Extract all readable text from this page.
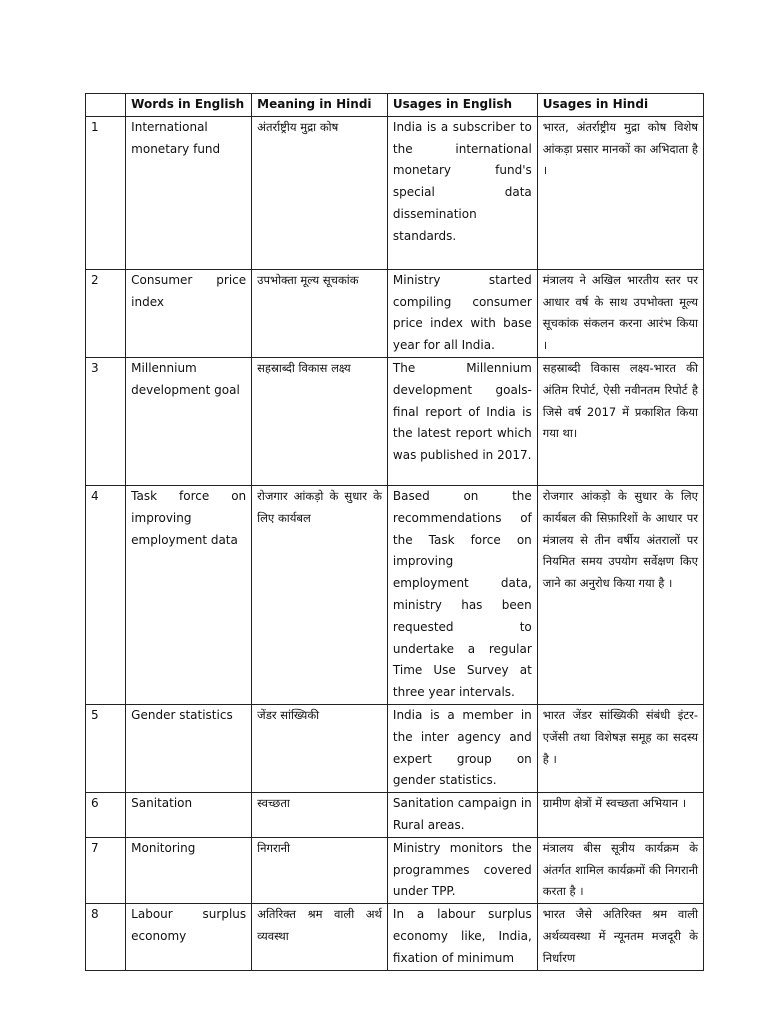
	Words in English	Meaning in Hindi	Usages in English	Usages in Hindi
1	International monetary fund	अंतर्राष्ट्रीय मुद्रा कोष	India is a subscriber to the international monetary fund's special data dissemination standards.	भारत, अंतर्राष्ट्रीय मुद्रा कोष विशेष आंकड़ा प्रसार मानकों का अभिदाता है ।
2	Consumer price index	उपभोक्ता मूल्य सूचकांक	Ministry started compiling consumer price index with base year for all India.	मंत्रालय ने अखिल भारतीय स्तर पर आधार वर्ष के साथ उपभोक्ता मूल्य सूचकांक संकलन करना आरंभ किया ।
3	Millennium development goal	सहस्राब्दी विकास लक्ष्य	The Millennium development goals-final report of India is the latest report which was published in 2017.	सहस्राब्दी विकास लक्ष्य-भारत की अंतिम रिपोर्ट, ऐसी नवीनतम रिपोर्ट है जिसे वर्ष 2017 में प्रकाशित किया गया था।
4	Task force on improving employment data	रोजगार आंकड़ो के सुधार के लिए कार्यबल	Based on the recommendations of the Task force on improving employment data, ministry has been requested to undertake a regular Time Use Survey at three year intervals.	रोजगार आंकड़ो के सुधार के लिए कार्यबल की सिफ़ारिशों के आधार पर मंत्रालय से तीन वर्षीय अंतरालों पर नियमित समय उपयोग सर्वेक्षण किए जाने का अनुरोध किया गया है ।
5	Gender statistics	जेंडर सांख्यिकी	India is a member in the inter agency and expert group on gender statistics.	भारत जेंडर सांख्यिकी संबंधी इंटर-एजेंसी तथा विशेषज्ञ समूह का सदस्य है ।
6	Sanitation	स्वच्छता	Sanitation campaign in Rural areas.	ग्रामीण क्षेत्रों में स्वच्छता अभियान ।
7	Monitoring	निगरानी	Ministry monitors the programmes covered under TPP.	मंत्रालय बीस सूत्रीय कार्यक्रम के अंतर्गत शामिल कार्यक्रमों की निगरानी करता है ।
8	Labour surplus economy	अतिरिक्त श्रम वाली अर्थ व्यवस्था	In a labour surplus economy like, India, fixation of minimum	भारत जैसे अतिरिक्त श्रम वाली अर्थव्यवस्था में न्यूनतम मजदूरी के निर्धारण
